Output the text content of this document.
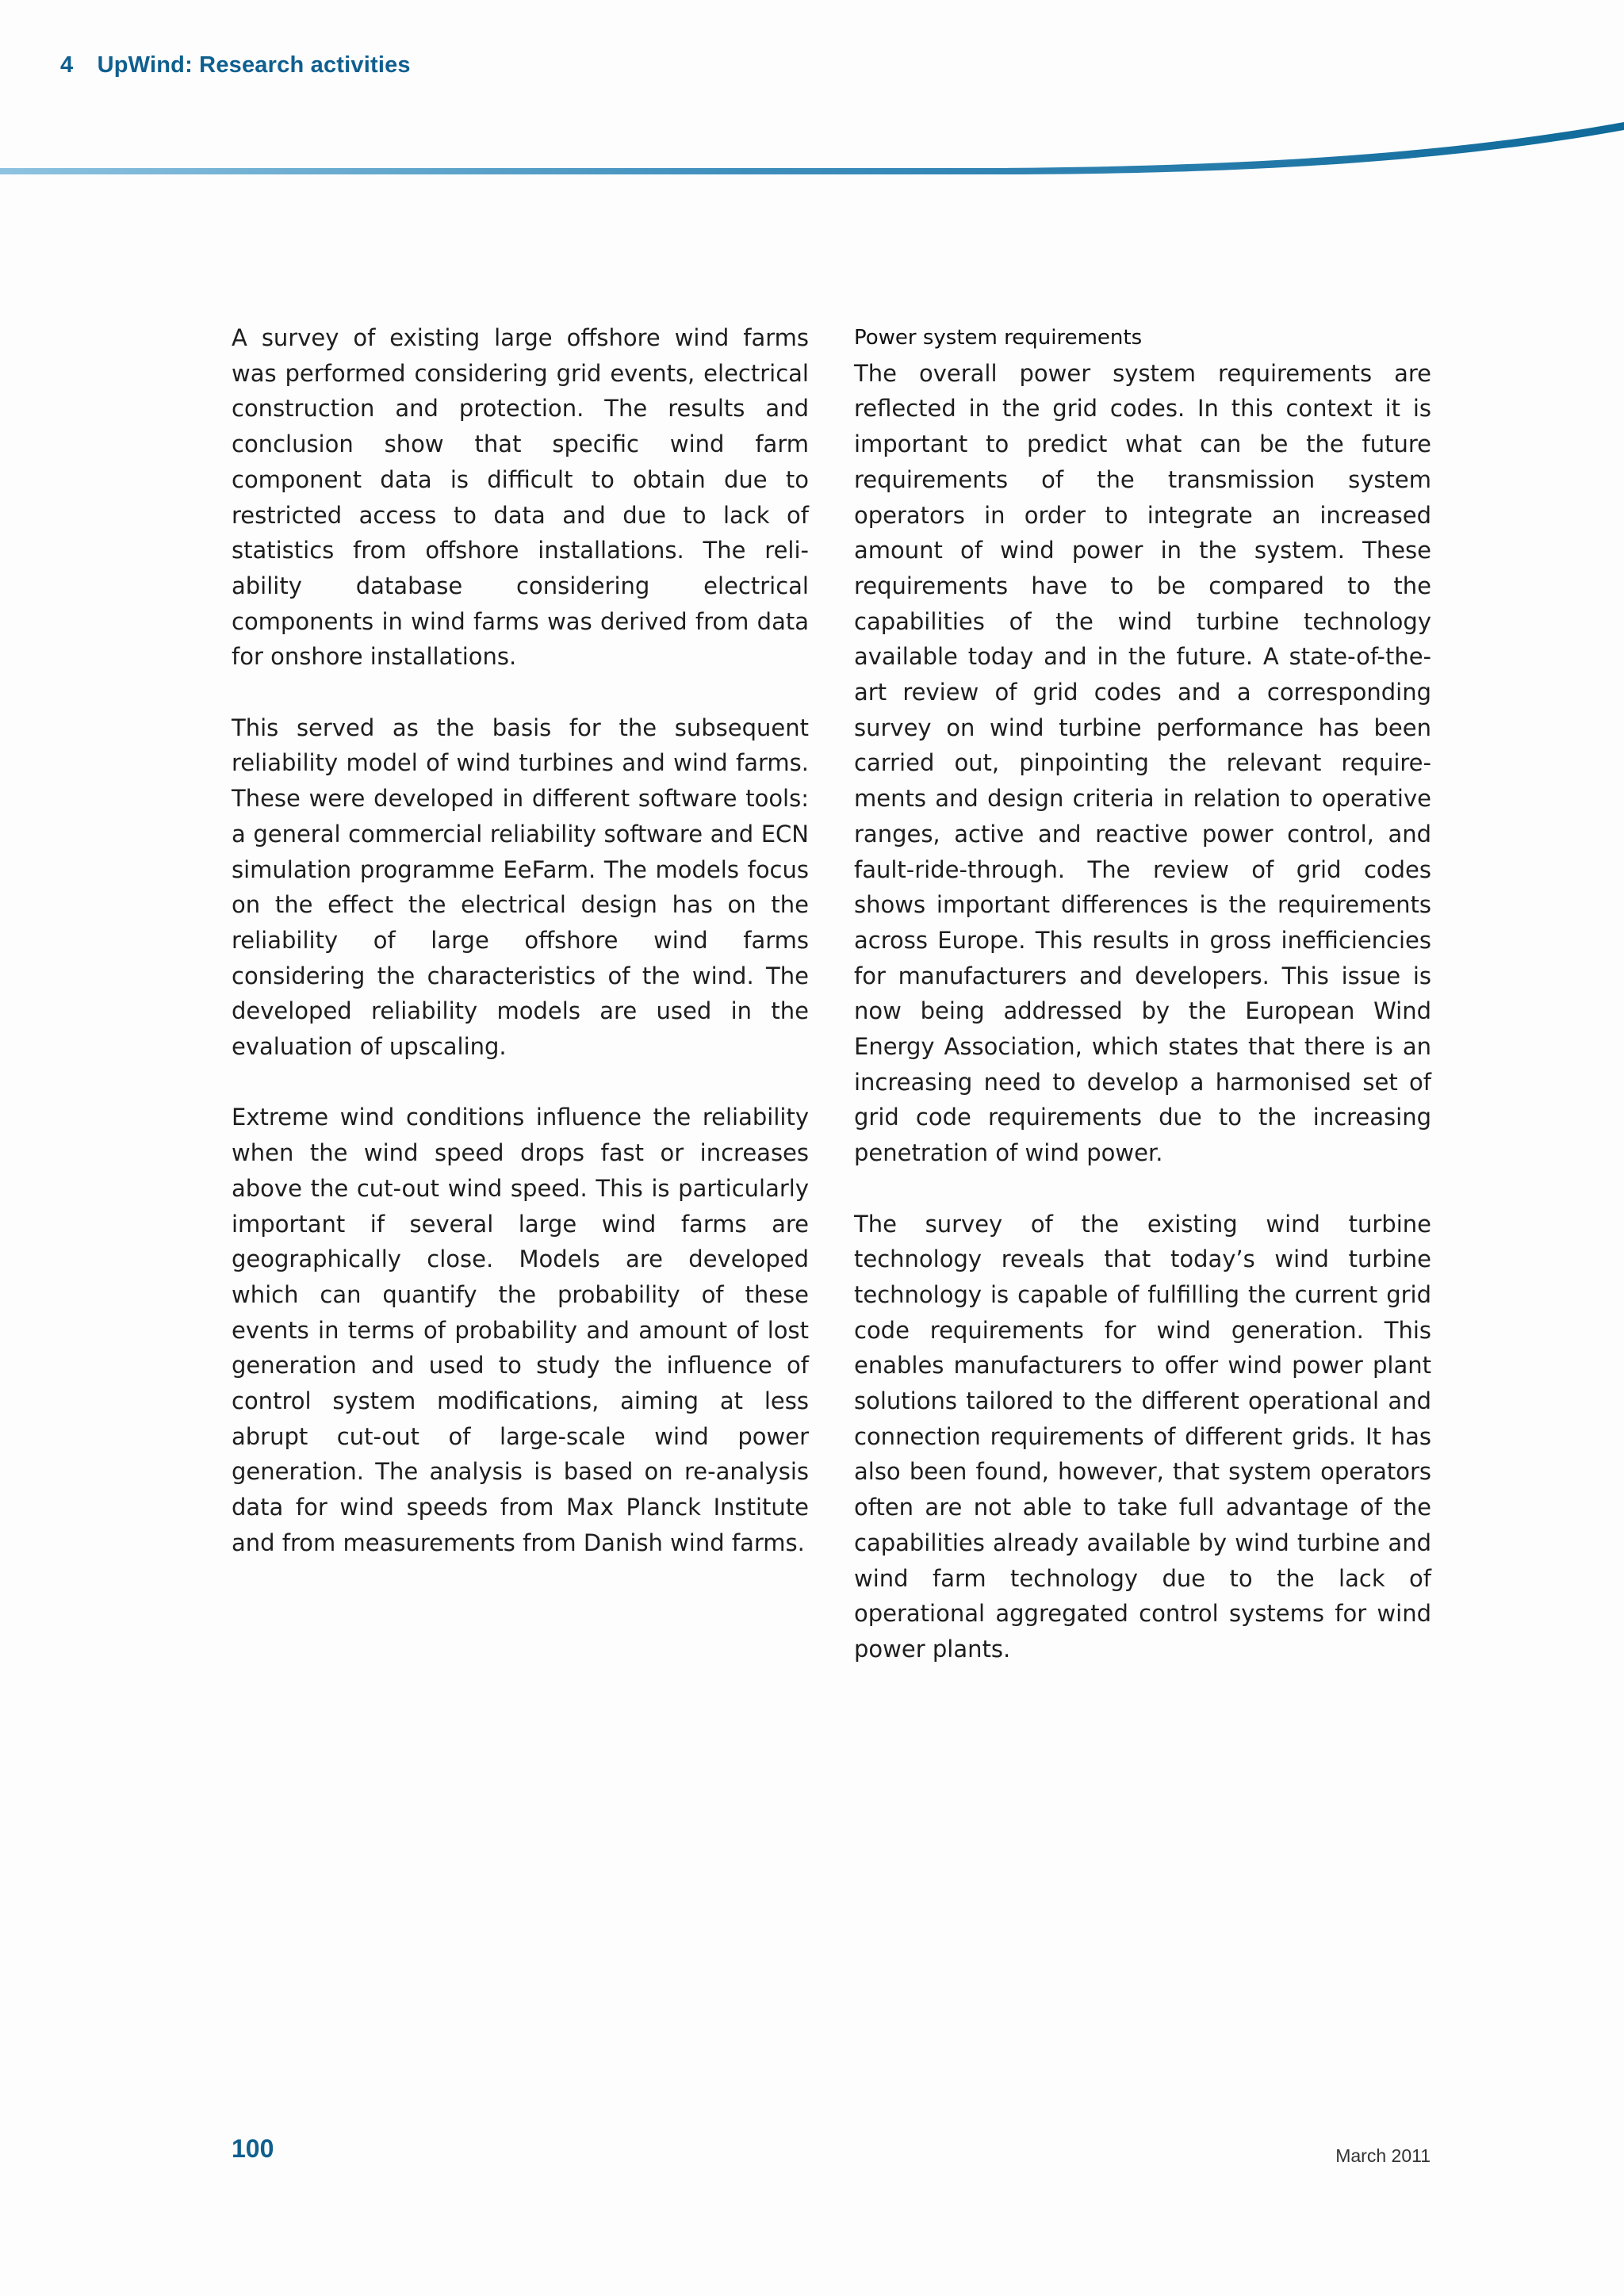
4 UpWind: Research activities

A survey of existing large offshore wind farms was performed considering grid events, electrical construction and protection. The results and conclusion show that specific wind farm component data is difficult to obtain due to restricted access to data and due to lack of statistics from offshore installations. The reliability database considering electrical components in wind farms was derived from data for onshore installations.

This served as the basis for the subsequent reliability model of wind turbines and wind farms. These were developed in different software tools: a general commercial reliability software and ECN simulation programme EeFarm. The models focus on the effect the electrical design has on the reliability of large offshore wind farms considering the characteristics of the wind. The developed reliability models are used in the evaluation of upscaling.

Extreme wind conditions influence the reliability when the wind speed drops fast or increases above the cut-out wind speed. This is particularly important if several large wind farms are geographically close. Models are developed which can quantify the probability of these events in terms of probability and amount of lost generation and used to study the influence of control system modifications, aiming at less abrupt cut-out of large-scale wind power generation. The analysis is based on re-analysis data for wind speeds from Max Planck Institute and from measurements from Danish wind farms.

Power system requirements

The overall power system requirements are reflected in the grid codes. In this context it is important to predict what can be the future requirements of the transmission system operators in order to integrate an increased amount of wind power in the system. These requirements have to be compared to the capabilities of the wind turbine technology available today and in the future. A state-of-the-art review of grid codes and a corresponding survey on wind turbine performance has been carried out, pinpointing the relevant requirements and design criteria in relation to operative ranges, active and reactive power control, and fault-ride-through. The review of grid codes shows important differences is the requirements across Europe. This results in gross inefficiencies for manufacturers and developers. This issue is now being addressed by the European Wind Energy Association, which states that there is an increasing need to develop a harmonised set of grid code requirements due to the increasing penetration of wind power.

The survey of the existing wind turbine technology reveals that today’s wind turbine technology is capable of fulfilling the current grid code requirements for wind generation. This enables manufacturers to offer wind power plant solutions tailored to the different operational and connection requirements of different grids. It has also been found, however, that system operators often are not able to take full advantage of the capabilities already available by wind turbine and wind farm technology due to the lack of operational aggregated control systems for wind power plants.

100	March 2011
